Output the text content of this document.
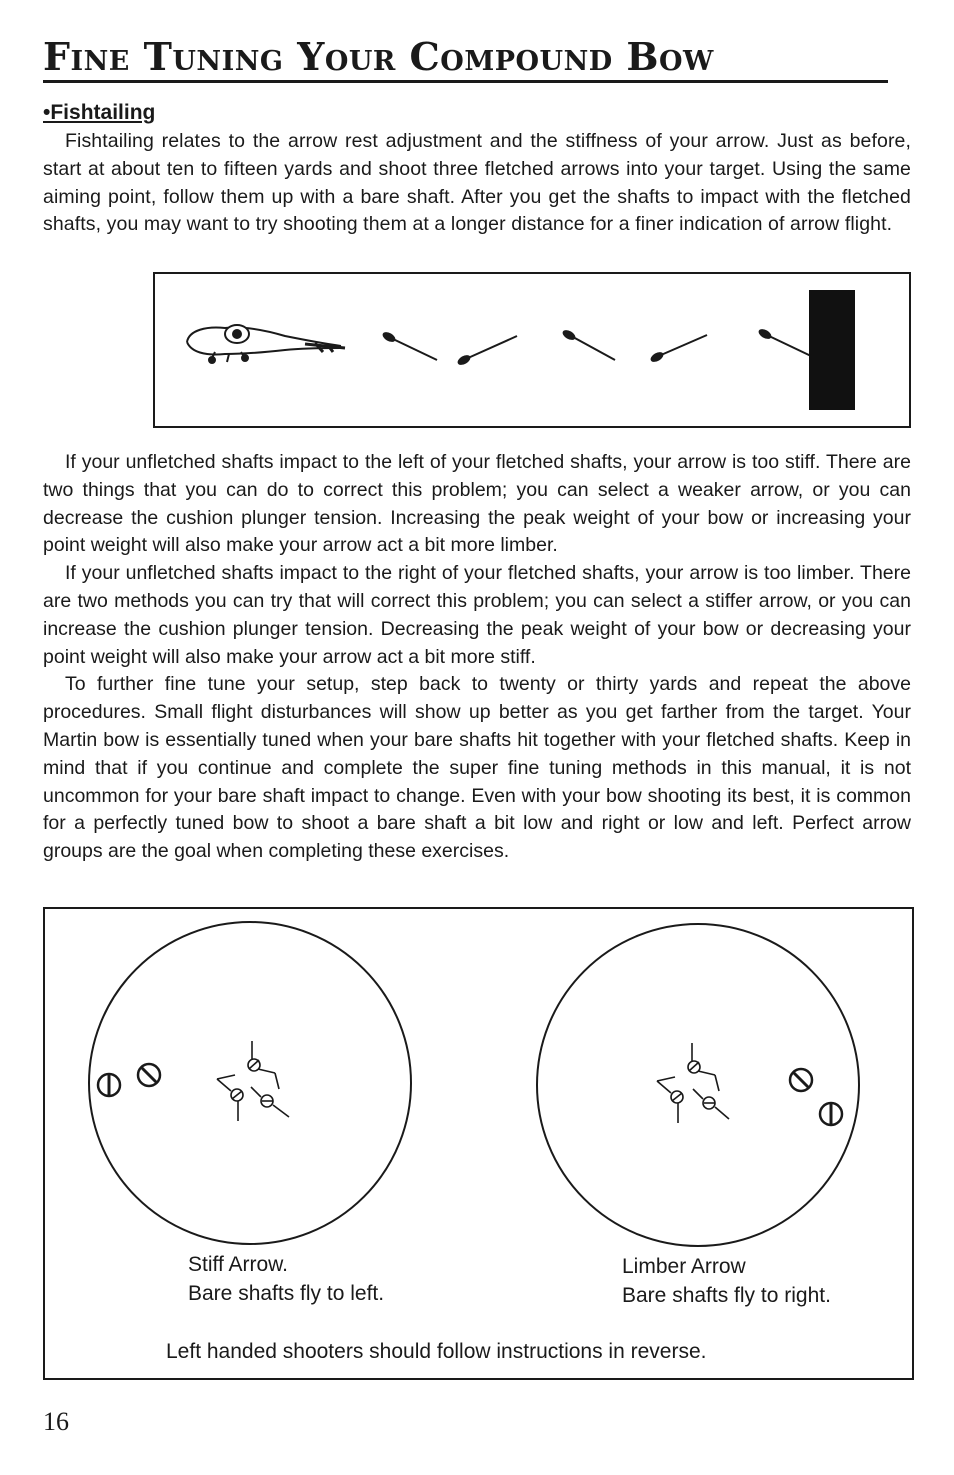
Fine Tuning Your Compound Bow
•Fishtailing

Fishtailing relates to the arrow rest adjustment and the stiffness of your arrow. Just as before, start at about ten to fifteen yards and shoot three fletched arrows into your target. Using the same aiming point, follow them up with a bare shaft. After you get the shafts to impact with the fletched shafts, you may want to try shooting them at a longer distance for a finer indication of arrow flight.

If your unfletched shafts impact to the left of your fletched shafts, your arrow is too stiff. There are two things that you can do to correct this problem; you can select a weaker arrow, or you can decrease the cushion plunger tension. Increasing the peak weight of your bow or increasing your point weight will also make your arrow act a bit more limber.

If your unfletched shafts impact to the right of your fletched shafts, your arrow is too limber. There are two methods you can try that will correct this problem; you can select a stiffer arrow, or you can increase the cushion plunger tension. Decreasing the peak weight of your bow or decreasing your point weight will also make your arrow act a bit more stiff.

To further fine tune your setup, step back to twenty or thirty yards and repeat the above procedures. Small flight disturbances will show up better as you get farther from the target. Your Martin bow is essentially tuned when your bare shafts hit together with your fletched shafts. Keep in mind that if you continue and complete the super fine tuning methods in this manual, it is not uncommon for your bare shaft impact to change. Even with your bow shooting its best, it is common for a perfectly tuned bow to shoot a bare shaft a bit low and right or low and left. Perfect arrow groups are the goal when completing these exercises.

Stiff Arrow.
Bare shafts fly to left.
Limber Arrow
Bare shafts fly to right.
Left handed shooters should follow instructions in reverse.
16
